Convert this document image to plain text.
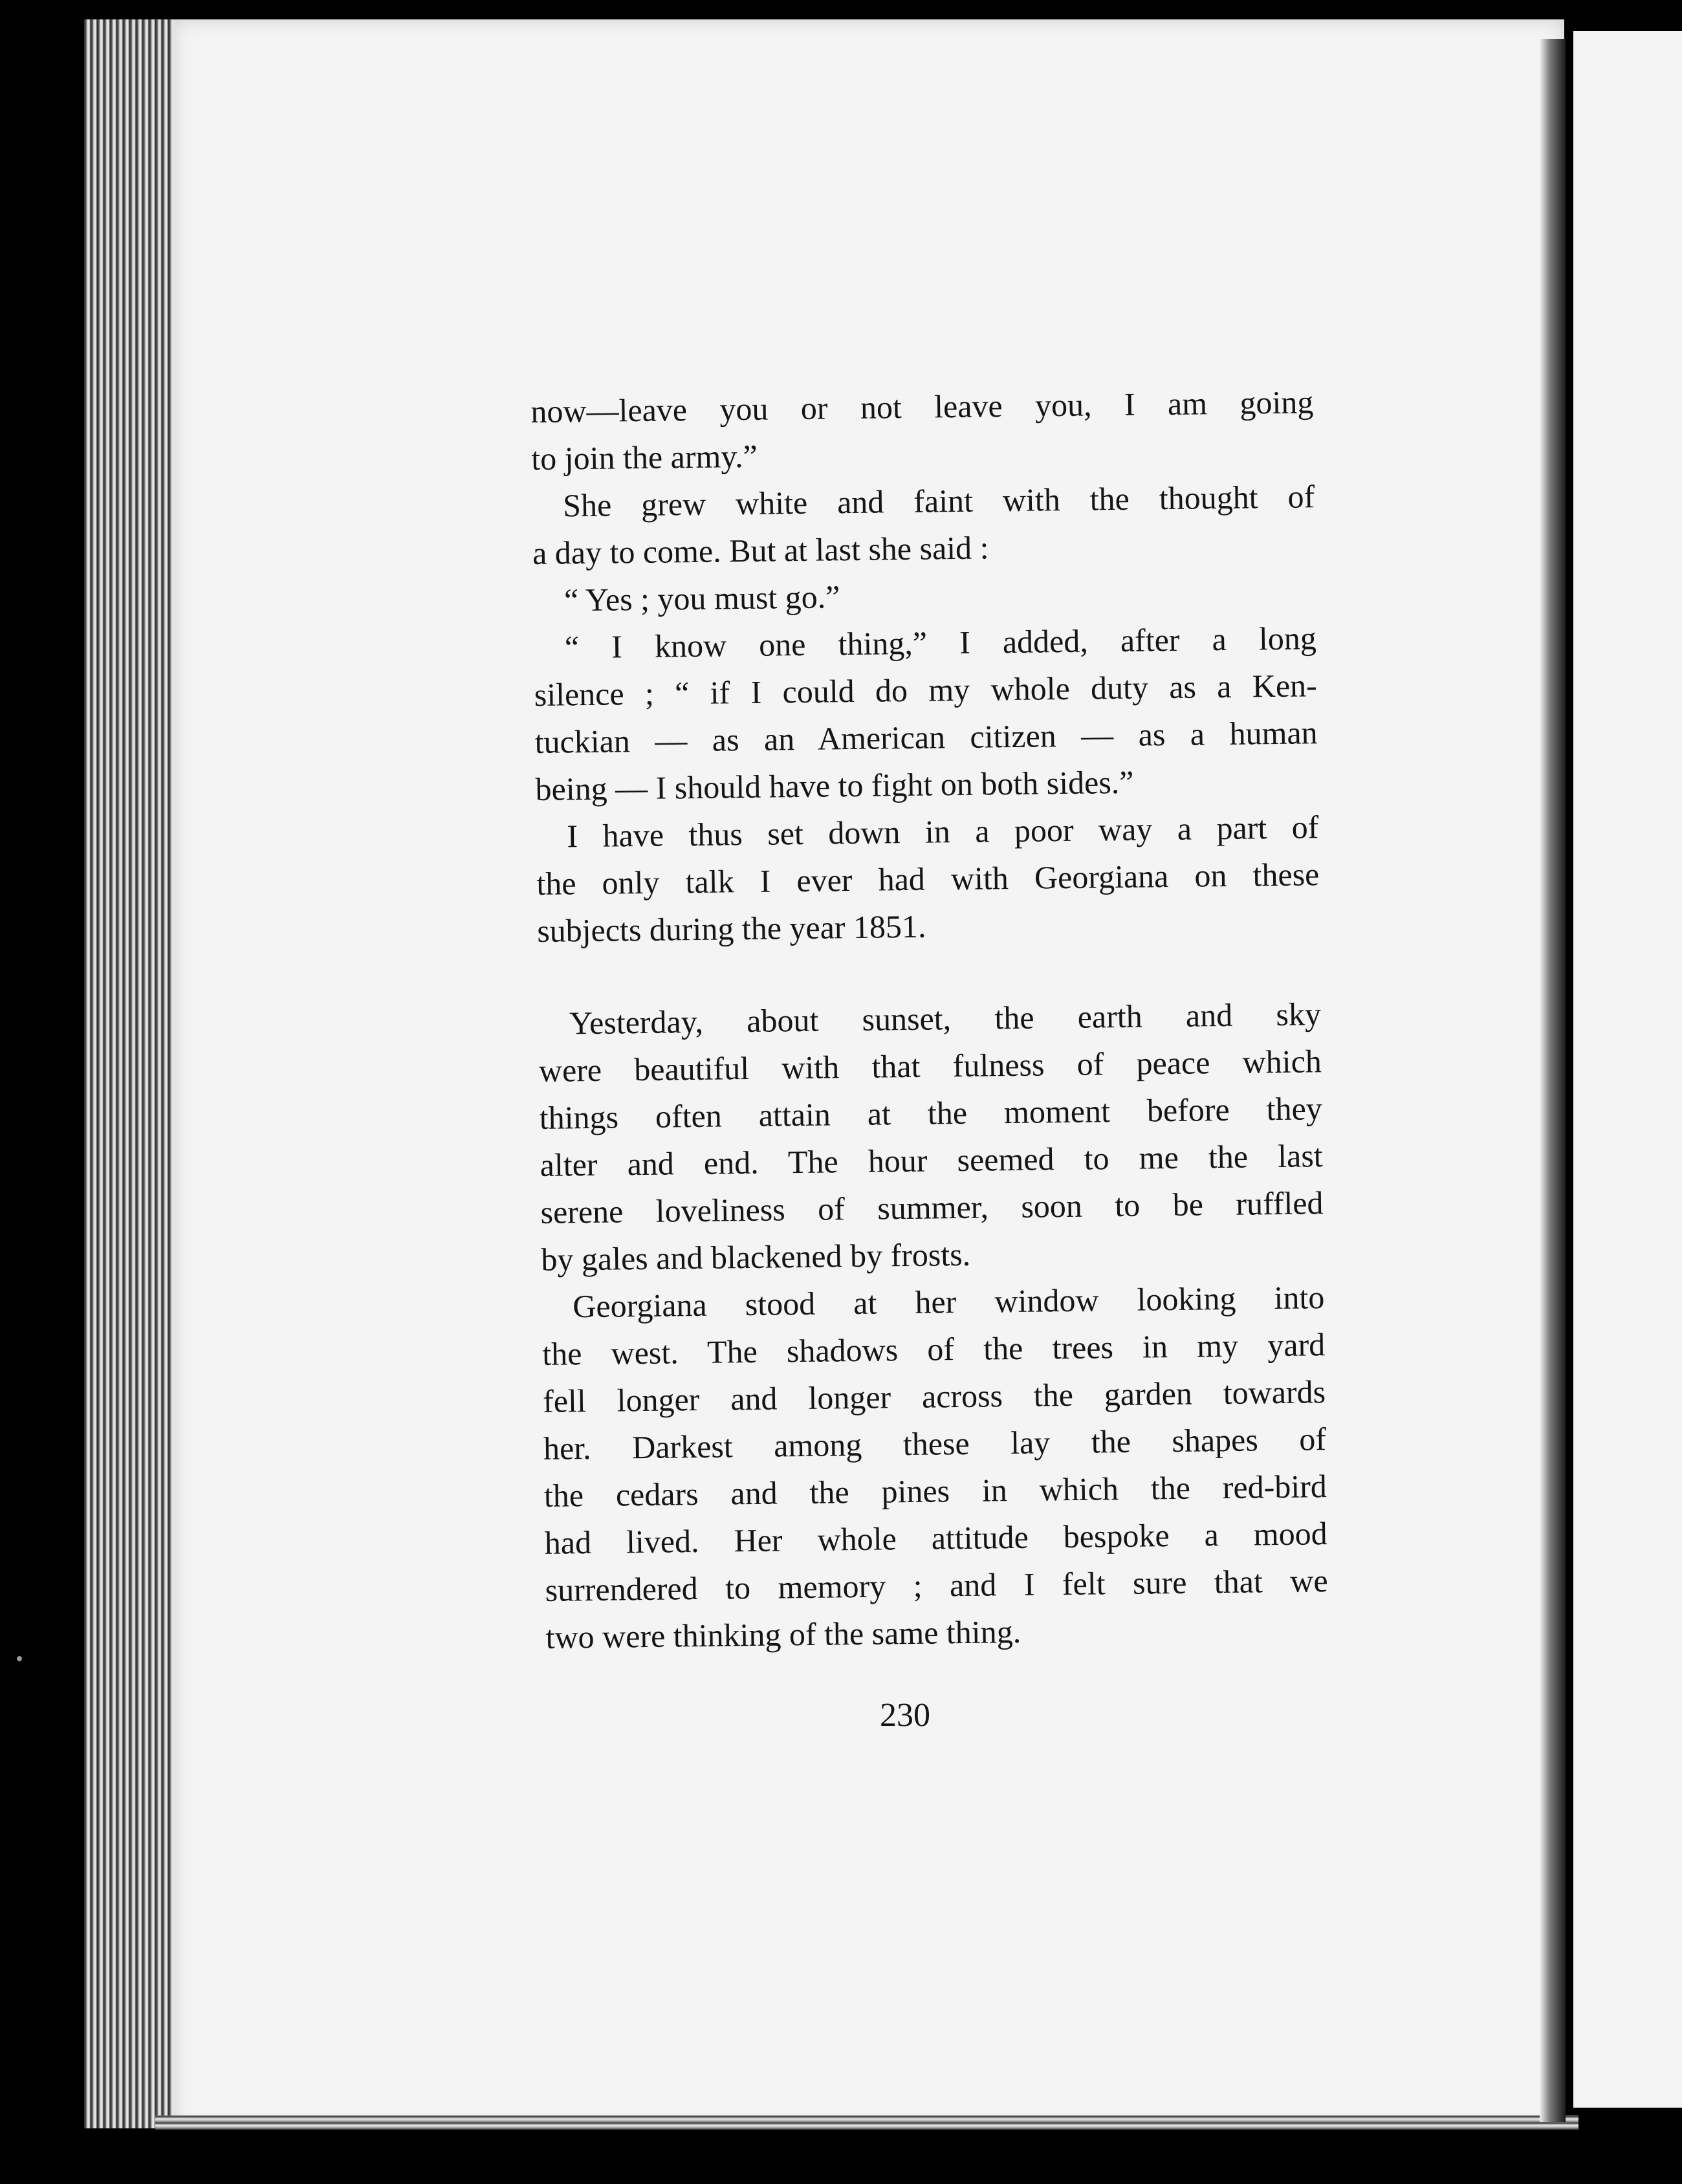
now—leave you or not leave you, I am going
to join the army.”
She grew white and faint with the thought of
a day to come. But at last she said :
“ Yes ; you must go.”
“ I know one thing,” I added, after a long
silence ; “ if I could do my whole duty as a Ken-
tuckian — as an American citizen — as a human
being — I should have to fight on both sides.”
I have thus set down in a poor way a part of
the only talk I ever had with Georgiana on these
subjects during the year 1851.
Yesterday, about sunset, the earth and sky
were beautiful with that fulness of peace which
things often attain at the moment before they
alter and end. The hour seemed to me the last
serene loveliness of summer, soon to be ruffled
by gales and blackened by frosts.
Georgiana stood at her window looking into
the west. The shadows of the trees in my yard
fell longer and longer across the garden towards
her. Darkest among these lay the shapes of
the cedars and the pines in which the red-bird
had lived. Her whole attitude bespoke a mood
surrendered to memory ; and I felt sure that we
two were thinking of the same thing.
230
